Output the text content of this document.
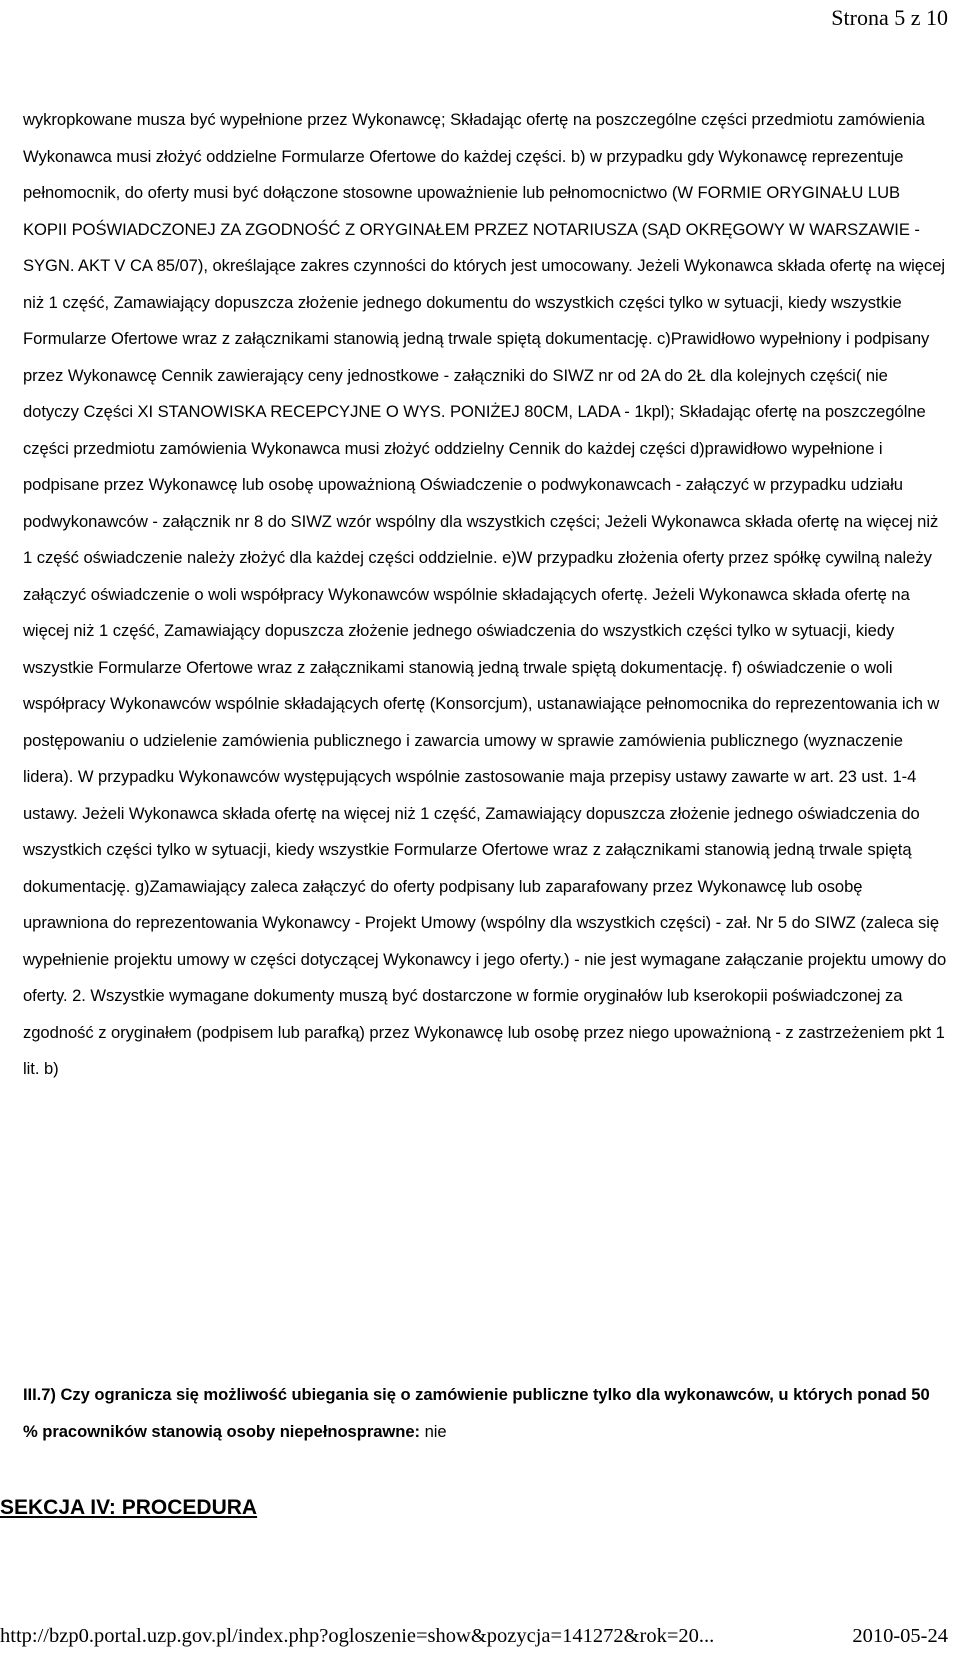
Strona 5 z 10

wykropkowane musza być wypełnione przez Wykonawcę; Składając ofertę na poszczególne części przedmiotu zamówienia Wykonawca musi złożyć oddzielne Formularze Ofertowe do każdej części. b) w przypadku gdy Wykonawcę reprezentuje pełnomocnik, do oferty musi być dołączone stosowne upoważnienie lub pełnomocnictwo (W FORMIE ORYGINAŁU LUB KOPII POŚWIADCZONEJ ZA ZGODNOŚĆ Z ORYGINAŁEM PRZEZ NOTARIUSZA (SĄD OKRĘGOWY W WARSZAWIE - SYGN. AKT V CA 85/07), określające zakres czynności do których jest umocowany. Jeżeli Wykonawca składa ofertę na więcej niż 1 część, Zamawiający dopuszcza złożenie jednego dokumentu do wszystkich części tylko w sytuacji, kiedy wszystkie Formularze Ofertowe wraz z załącznikami stanowią jedną trwale spiętą dokumentację. c)Prawidłowo wypełniony i podpisany przez Wykonawcę Cennik zawierający ceny jednostkowe - załączniki do SIWZ nr od 2A do 2Ł dla kolejnych części( nie dotyczy Części XI STANOWISKA RECEPCYJNE O WYS. PONIŻEJ 80CM, LADA - 1kpl); Składając ofertę na poszczególne części przedmiotu zamówienia Wykonawca musi złożyć oddzielny Cennik do każdej części d)prawidłowo wypełnione i podpisane przez Wykonawcę lub osobę upoważnioną Oświadczenie o podwykonawcach - załączyć w przypadku udziału podwykonawców - załącznik nr 8 do SIWZ wzór wspólny dla wszystkich części; Jeżeli Wykonawca składa ofertę na więcej niż 1 część oświadczenie należy złożyć dla każdej części oddzielnie. e)W przypadku złożenia oferty przez spółkę cywilną należy załączyć oświadczenie o woli współpracy Wykonawców wspólnie składających ofertę. Jeżeli Wykonawca składa ofertę na więcej niż 1 część, Zamawiający dopuszcza złożenie jednego oświadczenia do wszystkich części tylko w sytuacji, kiedy wszystkie Formularze Ofertowe wraz z załącznikami stanowią jedną trwale spiętą dokumentację. f) oświadczenie o woli współpracy Wykonawców wspólnie składających ofertę (Konsorcjum), ustanawiające pełnomocnika do reprezentowania ich w postępowaniu o udzielenie zamówienia publicznego i zawarcia umowy w sprawie zamówienia publicznego (wyznaczenie lidera). W przypadku Wykonawców występujących wspólnie zastosowanie maja przepisy ustawy zawarte w art. 23 ust. 1-4 ustawy. Jeżeli Wykonawca składa ofertę na więcej niż 1 część, Zamawiający dopuszcza złożenie jednego oświadczenia do wszystkich części tylko w sytuacji, kiedy wszystkie Formularze Ofertowe wraz z załącznikami stanowią jedną trwale spiętą dokumentację. g)Zamawiający zaleca załączyć do oferty podpisany lub zaparafowany przez Wykonawcę lub osobę uprawniona do reprezentowania Wykonawcy - Projekt Umowy (wspólny dla wszystkich części) - zał. Nr 5 do SIWZ (zaleca się wypełnienie projektu umowy w części dotyczącej Wykonawcy i jego oferty.) - nie jest wymagane załączanie projektu umowy do oferty. 2. Wszystkie wymagane dokumenty muszą być dostarczone w formie oryginałów lub kserokopii poświadczonej za zgodność z oryginałem (podpisem lub parafką) przez Wykonawcę lub osobę przez niego upoważnioną - z zastrzeżeniem pkt 1 lit. b)

III.7) Czy ogranicza się możliwość ubiegania się o zamówienie publiczne tylko dla wykonawców, u których ponad 50 % pracowników stanowią osoby niepełnosprawne: nie

SEKCJA IV: PROCEDURA
http://bzp0.portal.uzp.gov.pl/index.php?ogloszenie=show&pozycja=141272&rok=20...	2010-05-24
